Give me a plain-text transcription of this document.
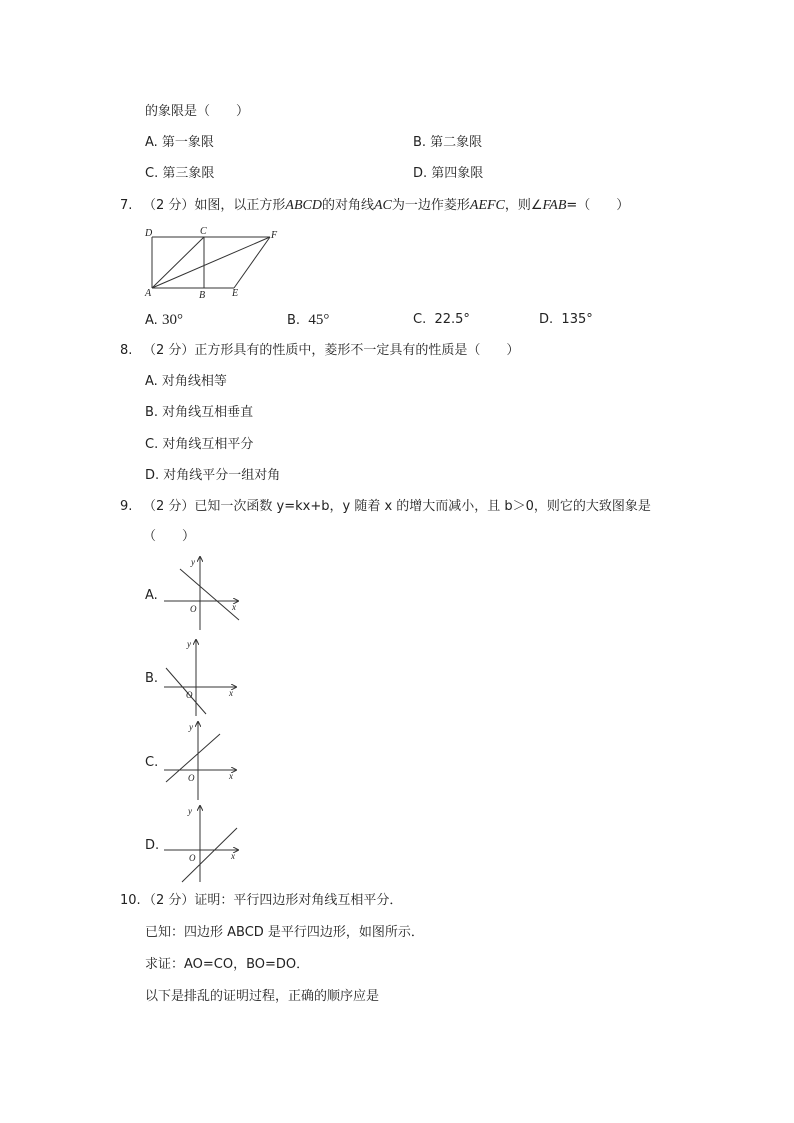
的象限是（　　）
A. 第一象限	B. 第二象限
C. 第三象限	D. 第四象限
7. （2 分）如图，以正方形ABCD的对角线AC为一边作菱形AEFC，则∠FAB=（　　）
D	C	F
A	B	E
A. 30°	B. 45°	C. 22.5°	D. 135°
8. （2 分）正方形具有的性质中，菱形不一定具有的性质是（　　）
A. 对角线相等
B. 对角线互相垂直
C. 对角线互相平分
D. 对角线平分一组对角
9. （2 分）已知一次函数 y=kx+b，y 随着 x 的增大而减小，且 b＞0，则它的大致图象是
（　　）
A.
y
x
O
B.
y
x
O
C.
y
x
O
D.
y
x
O
10. （2 分）证明：平行四边形对角线互相平分．
已知：四边形 ABCD 是平行四边形，如图所示．
求证：AO=CO，BO=DO．
以下是排乱的证明过程，正确的顺序应是
